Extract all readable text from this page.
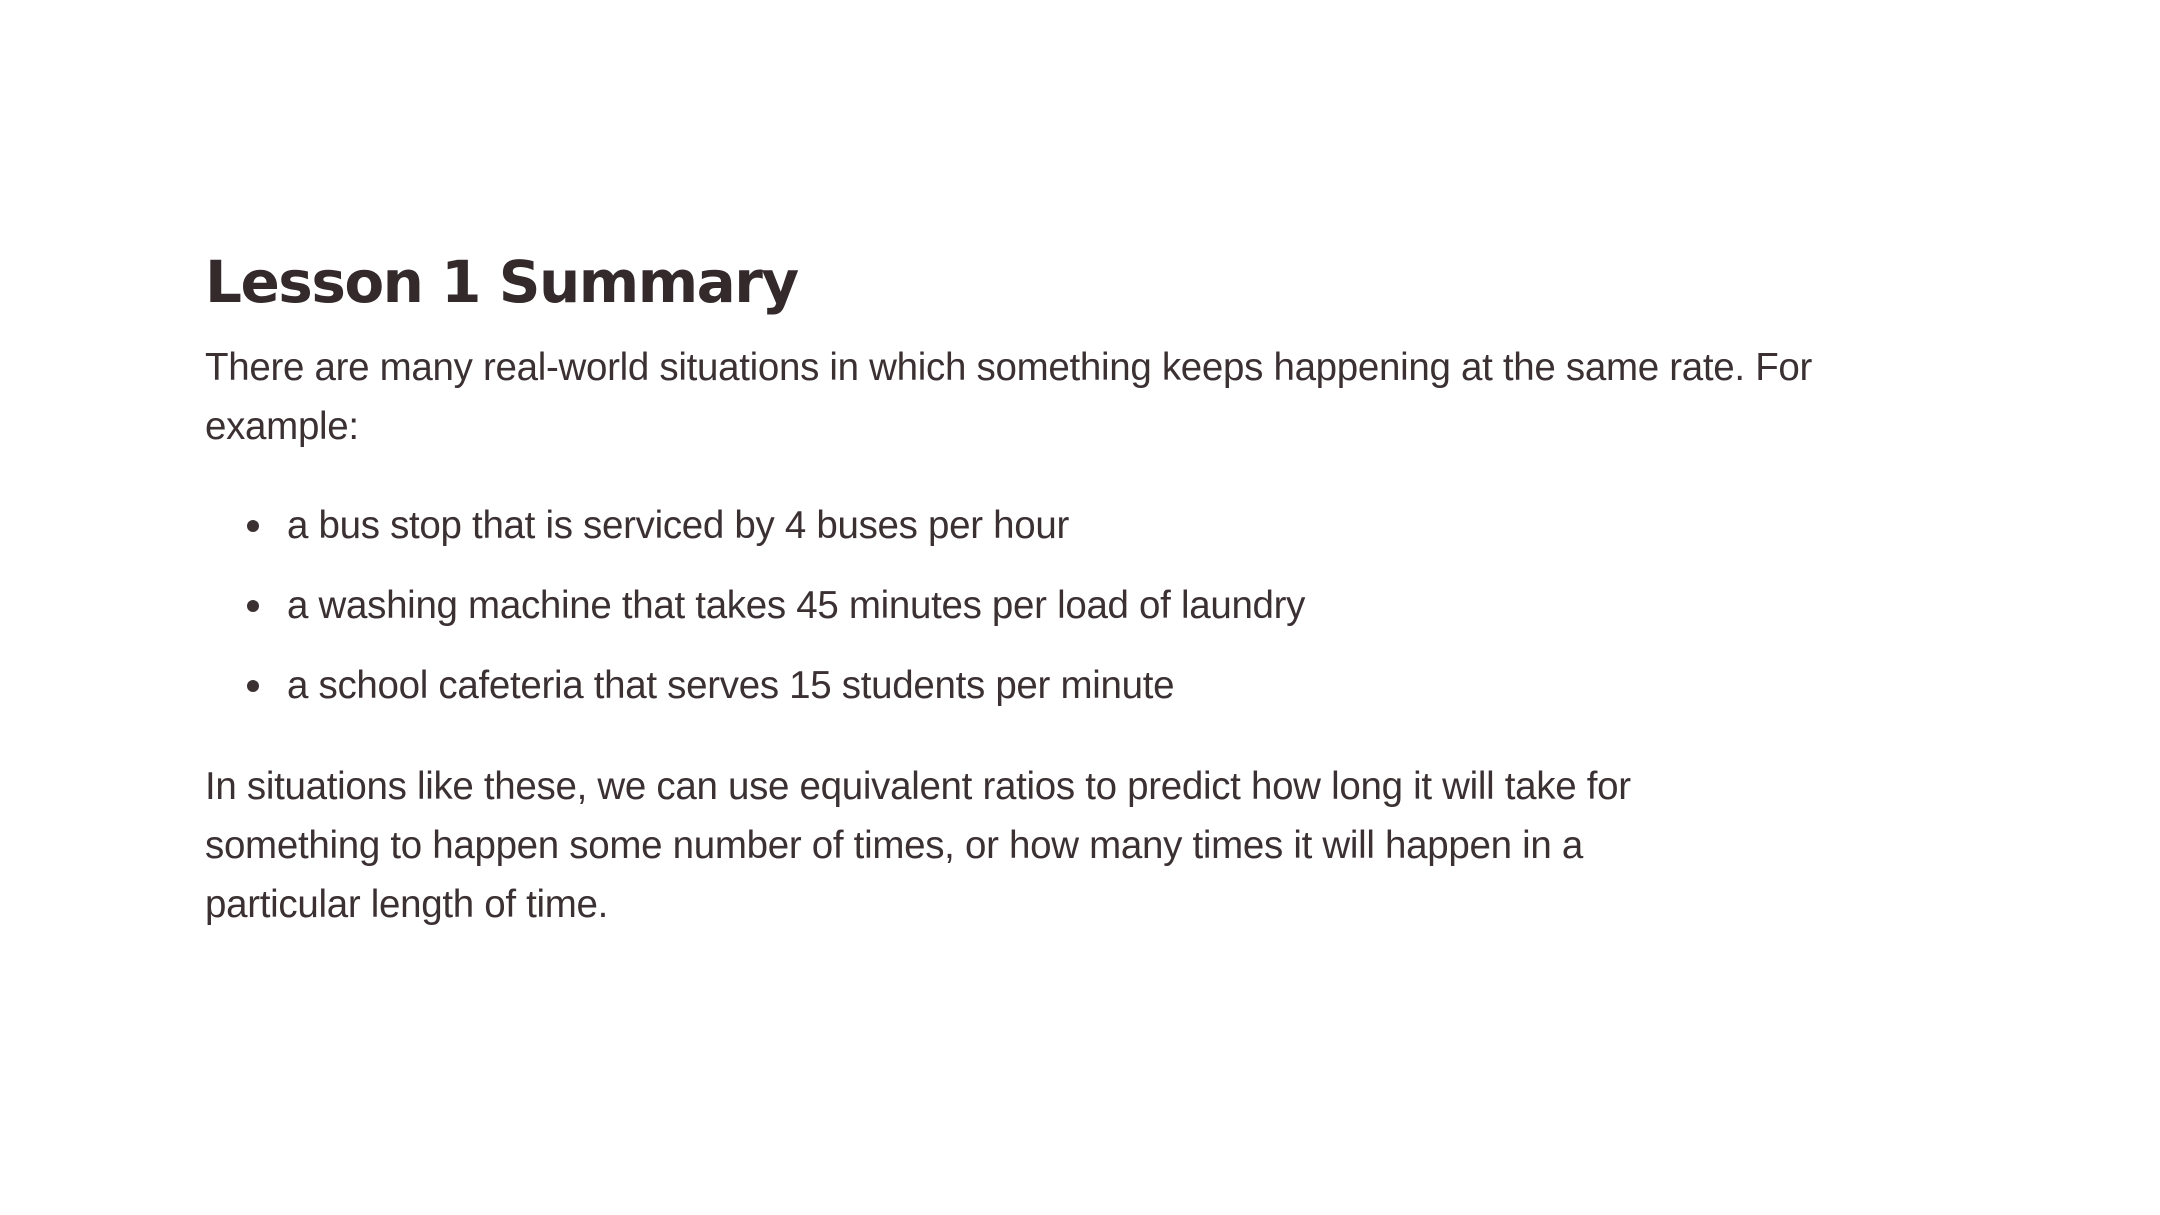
Lesson 1 Summary

There are many real-world situations in which something keeps happening at the same rate. For example:

a bus stop that is serviced by 4 buses per hour
a washing machine that takes 45 minutes per load of laundry
a school cafeteria that serves 15 students per minute

In situations like these, we can use equivalent ratios to predict how long it will take for something to happen some number of times, or how many times it will happen in a particular length of time.
